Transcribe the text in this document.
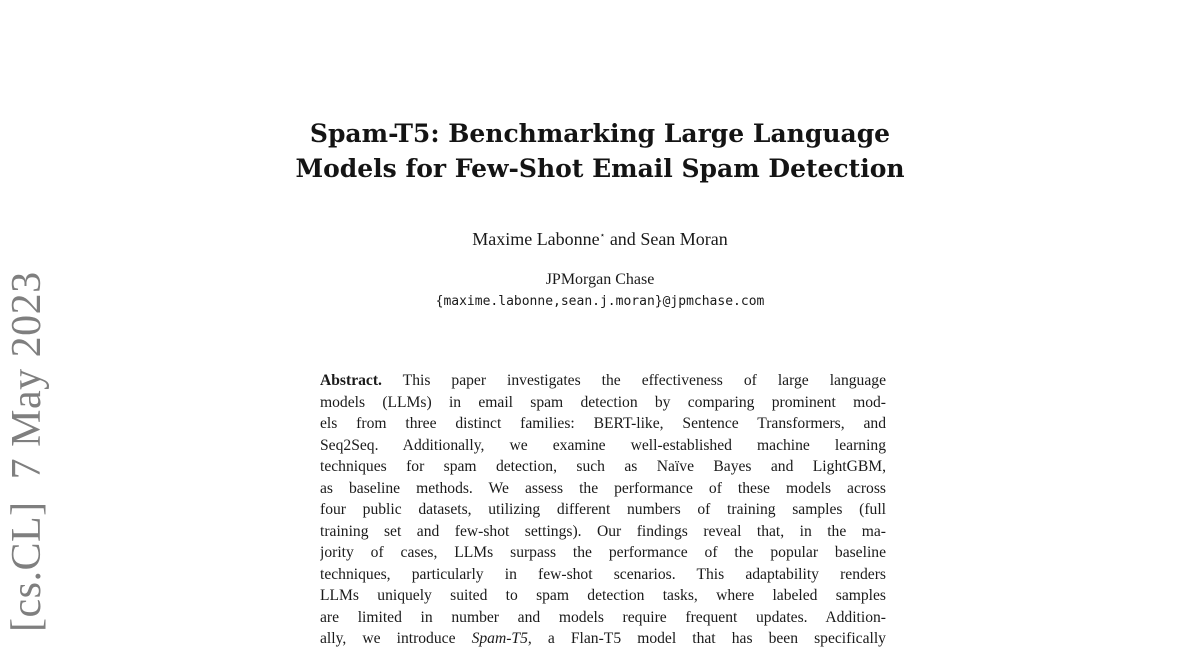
[cs.CL]7 May 2023
Spam-T5: Benchmarking Large Language
Models for Few-Shot Email Spam Detection
Maxime Labonne⋆ and Sean Moran
JPMorgan Chase
{maxime.labonne,sean.j.moran}@jpmchase.com
Abstract. This paper investigates the effectiveness of large language
models (LLMs) in email spam detection by comparing prominent mod-
els from three distinct families: BERT-like, Sentence Transformers, and
Seq2Seq. Additionally, we examine well-established machine learning
techniques for spam detection, such as Naïve Bayes and LightGBM,
as baseline methods. We assess the performance of these models across
four public datasets, utilizing different numbers of training samples (full
training set and few-shot settings). Our findings reveal that, in the ma-
jority of cases, LLMs surpass the performance of the popular baseline
techniques, particularly in few-shot scenarios. This adaptability renders
LLMs uniquely suited to spam detection tasks, where labeled samples
are limited in number and models require frequent updates. Addition-
ally, we introduce Spam-T5, a Flan-T5 model that has been specifically
